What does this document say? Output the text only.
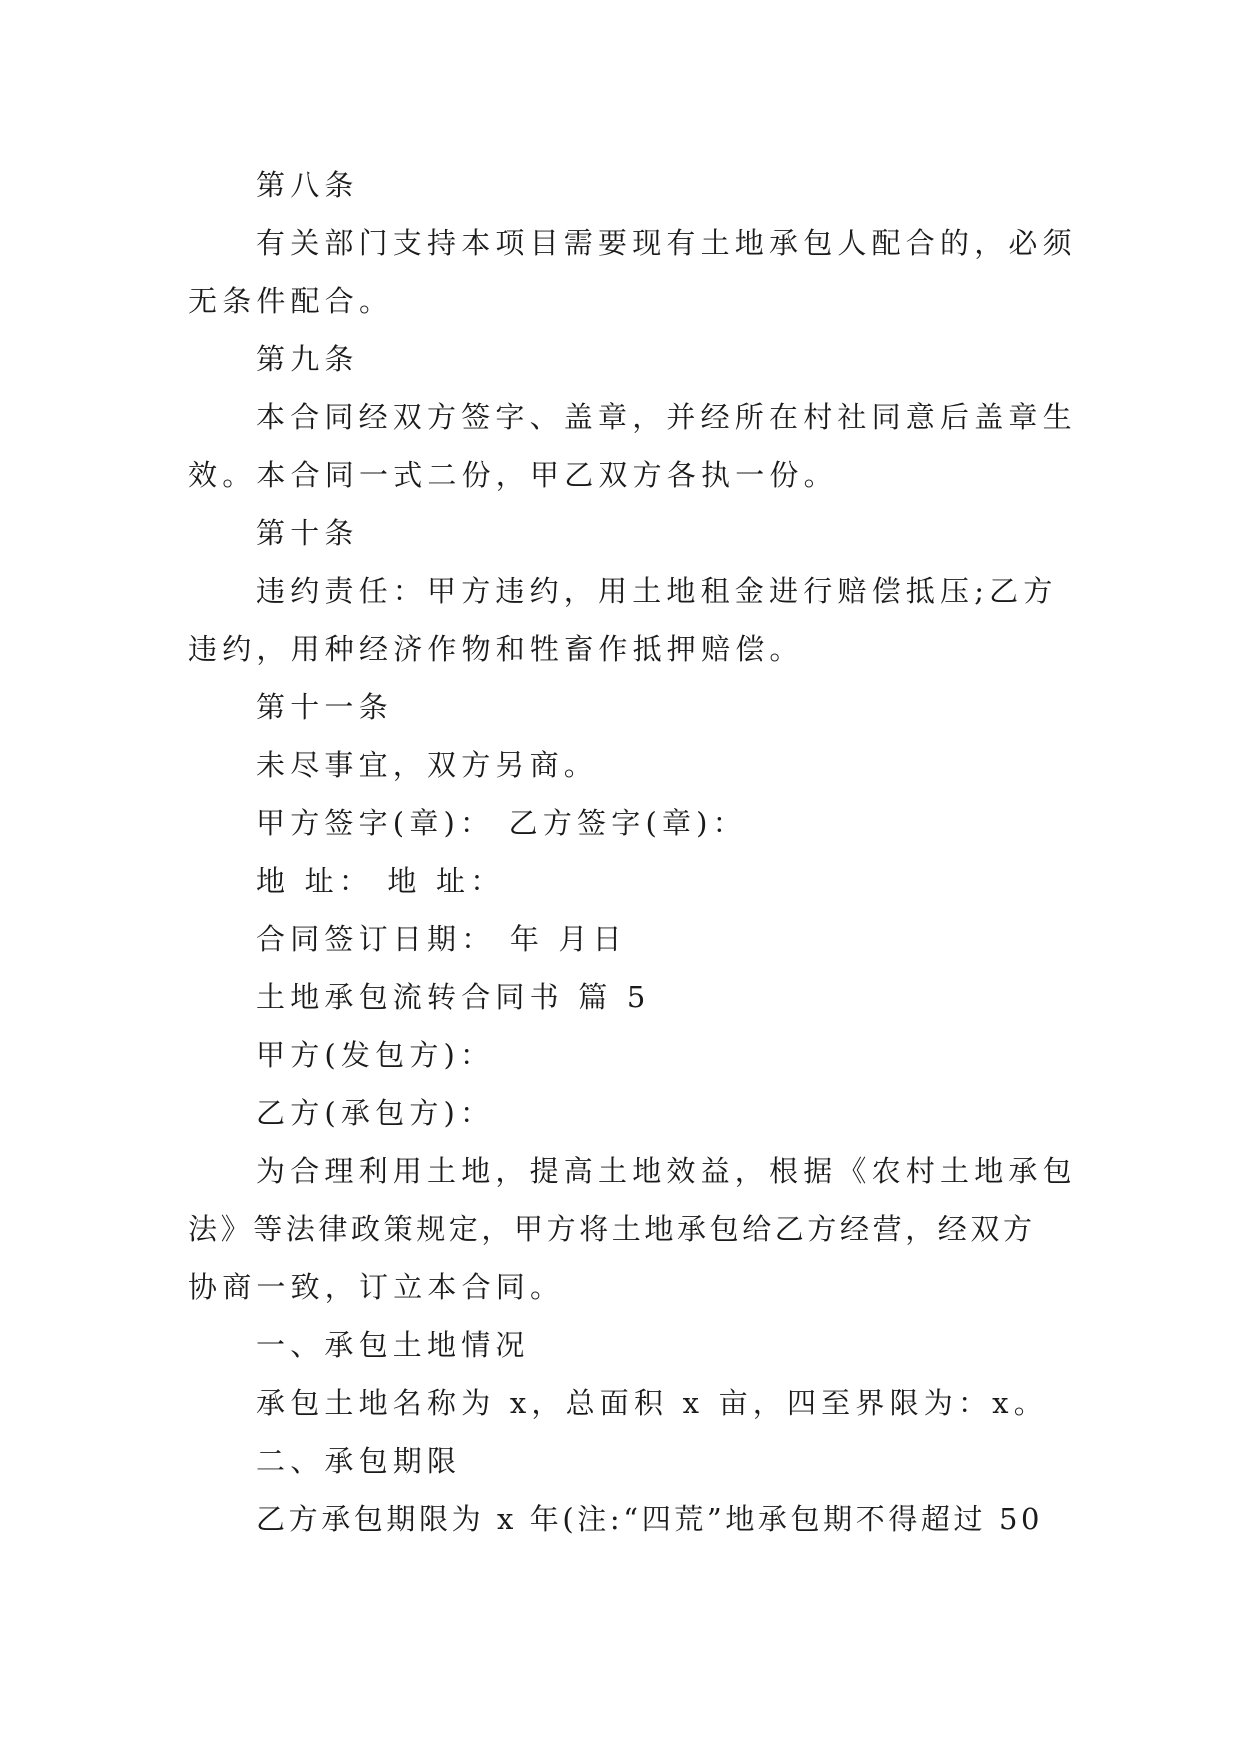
第八条
有关部门支持本项目需要现有土地承包人配合的，必须
无条件配合。
第九条
本合同经双方签字、盖章，并经所在村社同意后盖章生
效。本合同一式二份，甲乙双方各执一份。
第十条
违约责任：甲方违约，用土地租金进行赔偿抵压;乙方
违约，用种经济作物和牲畜作抵押赔偿。
第十一条
未尽事宜，双方另商。
甲方签字(章)： 乙方签字(章)：
地 址： 地 址：
合同签订日期： 年 月日
土地承包流转合同书 篇 5
甲方(发包方)：
乙方(承包方)：
为合理利用土地，提高土地效益，根据《农村土地承包
法》等法律政策规定，甲方将土地承包给乙方经营，经双方
协商一致，订立本合同。
一、承包土地情况
承包土地名称为 x，总面积 x 亩，四至界限为：x。
二、承包期限
乙方承包期限为 x 年(注:“四荒”地承包期不得超过 50
